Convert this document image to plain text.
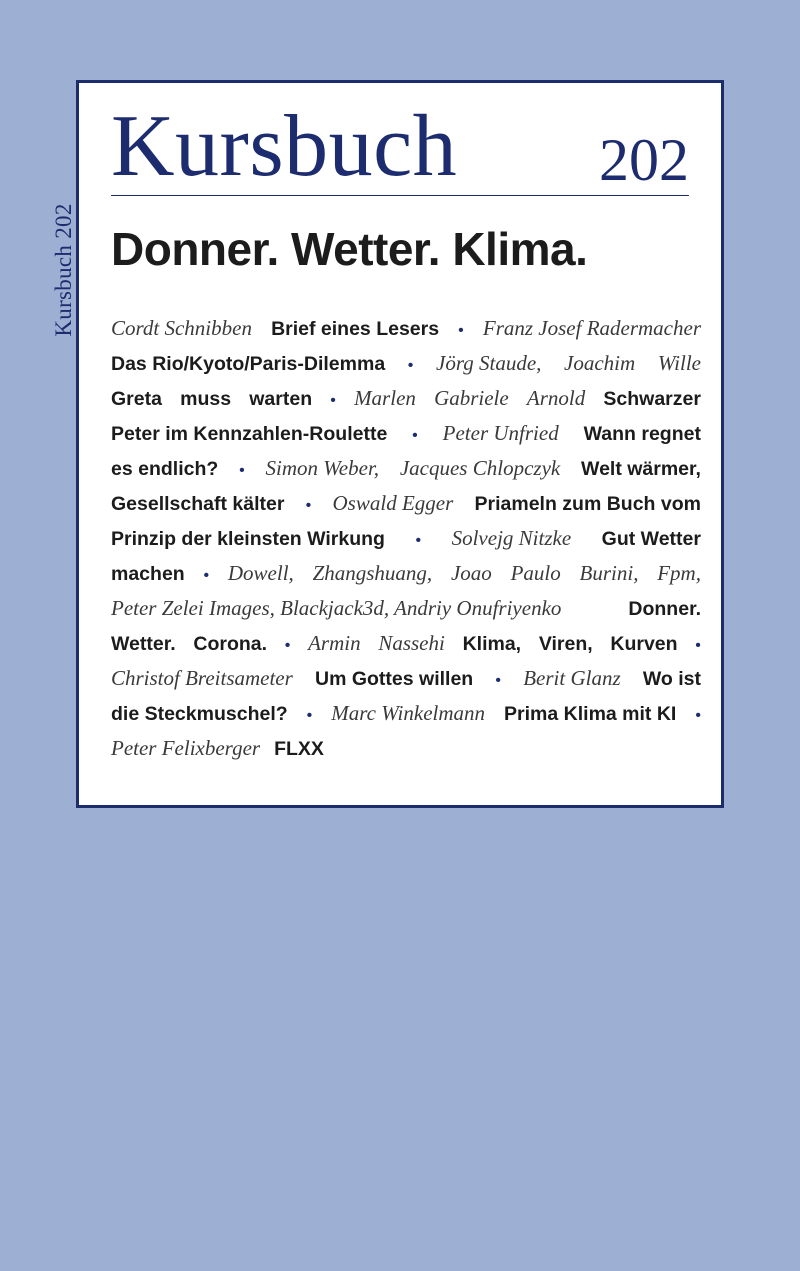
Kursbuch 202
Kursbuch 202
Donner. Wetter. Klima.
Cordt Schnibben Brief eines Lesers • Franz Josef Radermacher
Das Rio/Kyoto/Paris-Dilemma • Jörg Staude, Joachim Wille
Greta muss warten • Marlen Gabriele Arnold Schwarzer
Peter im Kennzahlen-Roulette • Peter Unfried Wann regnet
es endlich? • Simon Weber, Jacques Chlopczyk Welt wärmer,
Gesellschaft kälter • Oswald Egger Priameln zum Buch vom
Prinzip der kleinsten Wirkung • Solvejg Nitzke Gut Wetter
machen • Dowell, Zhangshuang, Joao Paulo Burini, Fpm,
Peter Zelei Images, Blackjack3d, Andriy Onufriyenko	Donner.
Wetter. Corona. • Armin Nassehi Klima, Viren, Kurven •
Christof Breitsameter Um Gottes willen • Berit Glanz Wo ist
die Steckmuschel? • Marc Winkelmann Prima Klima mit KI •
Peter Felixberger FLXX
